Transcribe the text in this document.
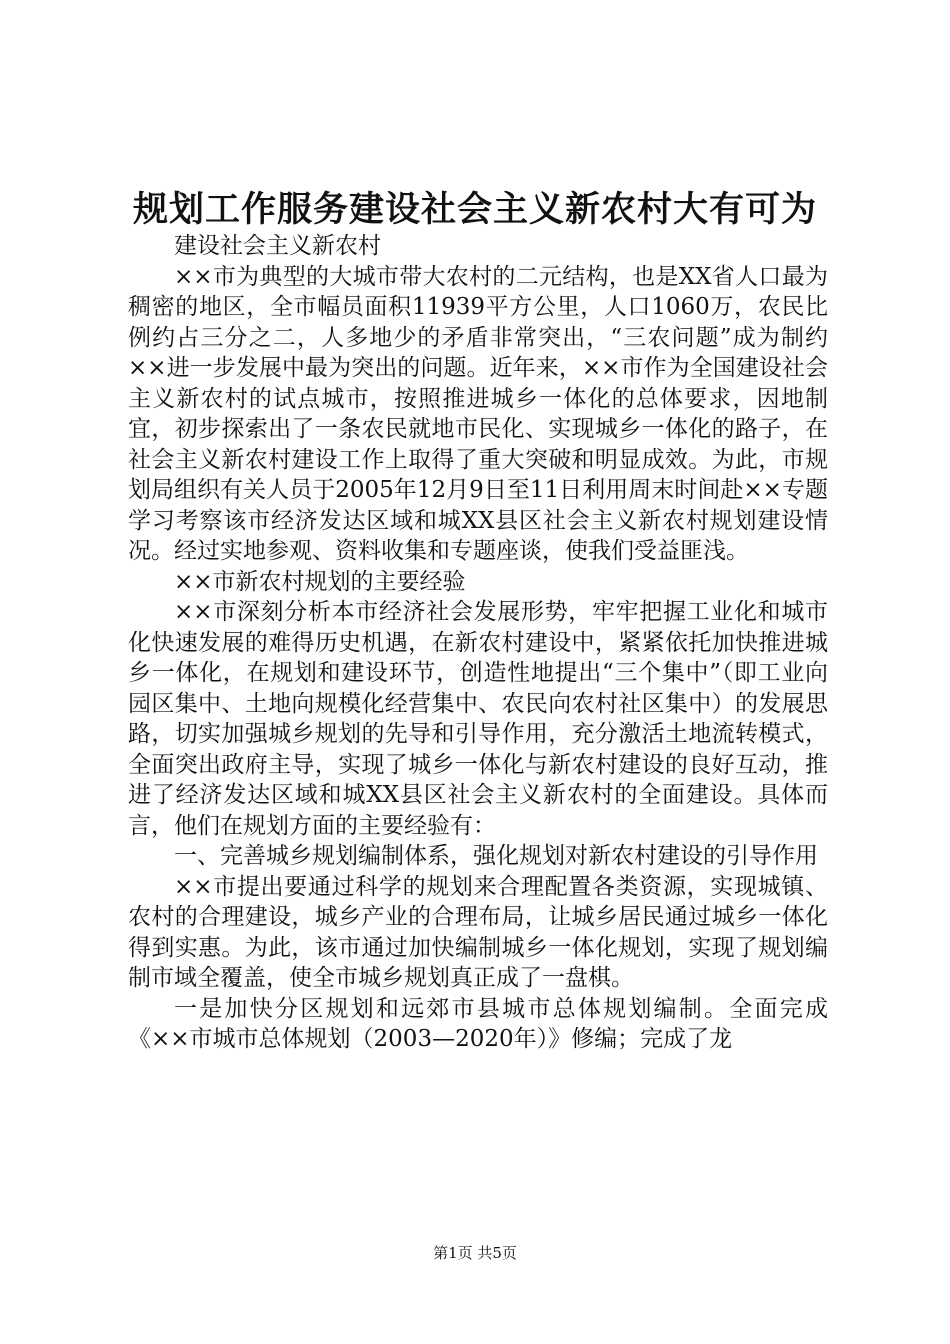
规划工作服务建设社会主义新农村大有可为

建设社会主义新农村

××市为典型的大城市带大农村的二元结构，也是XX省人口最为稠密的地区，全市幅员面积11939平方公里，人口1060万，农民比例约占三分之二，人多地少的矛盾非常突出，“三农问题”成为制约××进一步发展中最为突出的问题。近年来，××市作为全国建设社会主义新农村的试点城市，按照推进城乡一体化的总体要求，因地制宜，初步探索出了一条农民就地市民化、实现城乡一体化的路子，在社会主义新农村建设工作上取得了重大突破和明显成效。为此，市规划局组织有关人员于2005年12月9日至11日利用周末时间赴××专题学习考察该市经济发达区域和城XX县区社会主义新农村规划建设情况。经过实地参观、资料收集和专题座谈，使我们受益匪浅。

××市新农村规划的主要经验

××市深刻分析本市经济社会发展形势，牢牢把握工业化和城市化快速发展的难得历史机遇，在新农村建设中，紧紧依托加快推进城乡一体化，在规划和建设环节，创造性地提出“三个集中”（即工业向园区集中、土地向规模化经营集中、农民向农村社区集中）的发展思路，切实加强城乡规划的先导和引导作用，充分激活土地流转模式，全面突出政府主导，实现了城乡一体化与新农村建设的良好互动，推进了经济发达区域和城XX县区社会主义新农村的全面建设。具体而言，他们在规划方面的主要经验有：

一、完善城乡规划编制体系，强化规划对新农村建设的引导作用

××市提出要通过科学的规划来合理配置各类资源，实现城镇、农村的合理建设，城乡产业的合理布局，让城乡居民通过城乡一体化得到实惠。为此，该市通过加快编制城乡一体化规划，实现了规划编制市域全覆盖，使全市城乡规划真正成了一盘棋。

一是加快分区规划和远郊市县城市总体规划编制。全面完成《××市城市总体规划（2003—2020年）》修编；完成了龙

第1页 共5页
